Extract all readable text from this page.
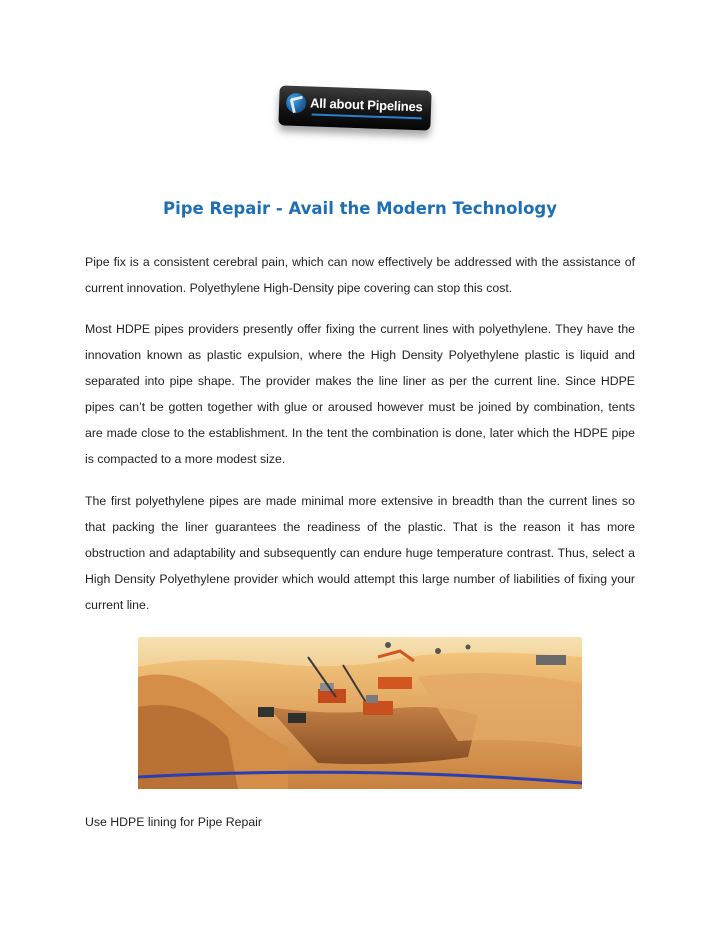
All about Pipelines
Pipe Repair - Avail the Modern Technology

Pipe fix is a consistent cerebral pain, which can now effectively be addressed with the assistance of current innovation. Polyethylene High-Density pipe covering can stop this cost.

Most HDPE pipes providers presently offer fixing the current lines with polyethylene. They have the innovation known as plastic expulsion, where the High Density Polyethylene plastic is liquid and separated into pipe shape. The provider makes the line liner as per the current line. Since HDPE pipes can’t be gotten together with glue or aroused however must be joined by combination, tents are made close to the establishment. In the tent the combination is done, later which the HDPE pipe is compacted to a more modest size.

The first polyethylene pipes are made minimal more extensive in breadth than the current lines so that packing the liner guarantees the readiness of the plastic. That is the reason it has more obstruction and adaptability and subsequently can endure huge temperature contrast. Thus, select a High Density Polyethylene provider which would attempt this large number of liabilities of fixing your current line.

Use HDPE lining for Pipe Repair
